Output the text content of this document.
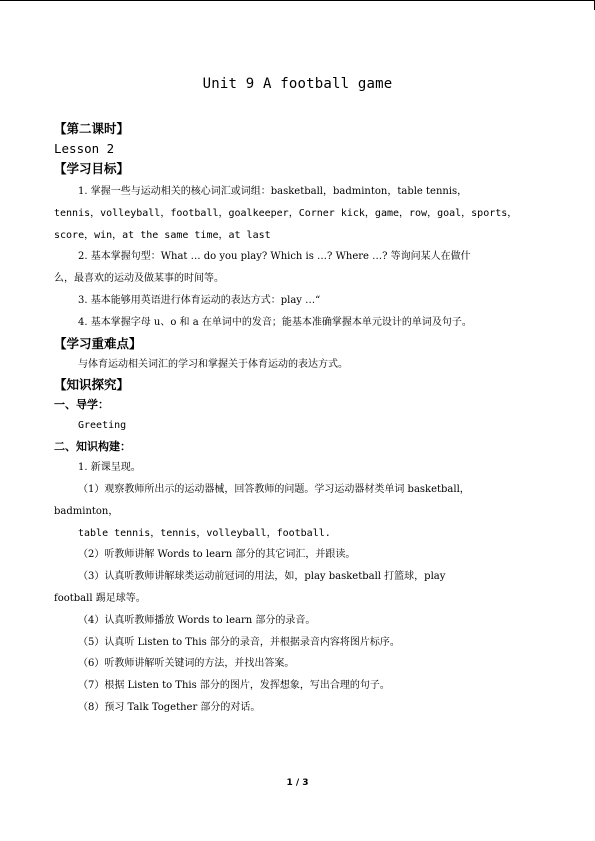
Unit 9 A football game
【第二课时】
Lesson 2
【学习目标】
1. 掌握一些与运动相关的核心词汇或词组：basketball，badminton，table tennis，
tennis，volleyball，football，goalkeeper，Corner kick，game，row，goal，sports，
score，win，at the same time，at last
2. 基本掌握句型：What … do you play? Which is …? Where …? 等询问某人在做什
么，最喜欢的运动及做某事的时间等。
3. 基本能够用英语进行体育运动的表达方式：play …“
4. 基本掌握字母 u、o 和 a 在单词中的发音；能基本准确掌握本单元设计的单词及句子。
【学习重难点】
与体育运动相关词汇的学习和掌握关于体育运动的表达方式。
【知识探究】
一、导学：
Greeting
二、知识构建：
1. 新课呈现。
（1）观察教师所出示的运动器械，回答教师的问题。学习运动器材类单词 basketball，
badminton，
table tennis，tennis，volleyball，football.
（2）听教师讲解 Words to learn 部分的其它词汇，并跟读。
（3）认真听教师讲解球类运动前冠词的用法，如，play basketball 打篮球，play
football 踢足球等。
（4）认真听教师播放 Words to learn 部分的录音。
（5）认真听 Listen to This 部分的录音，并根据录音内容将图片标序。
（6）听教师讲解听关键词的方法，并找出答案。
（7）根据 Listen to This 部分的图片，发挥想象，写出合理的句子。
（8）预习 Talk Together 部分的对话。
1 / 3
